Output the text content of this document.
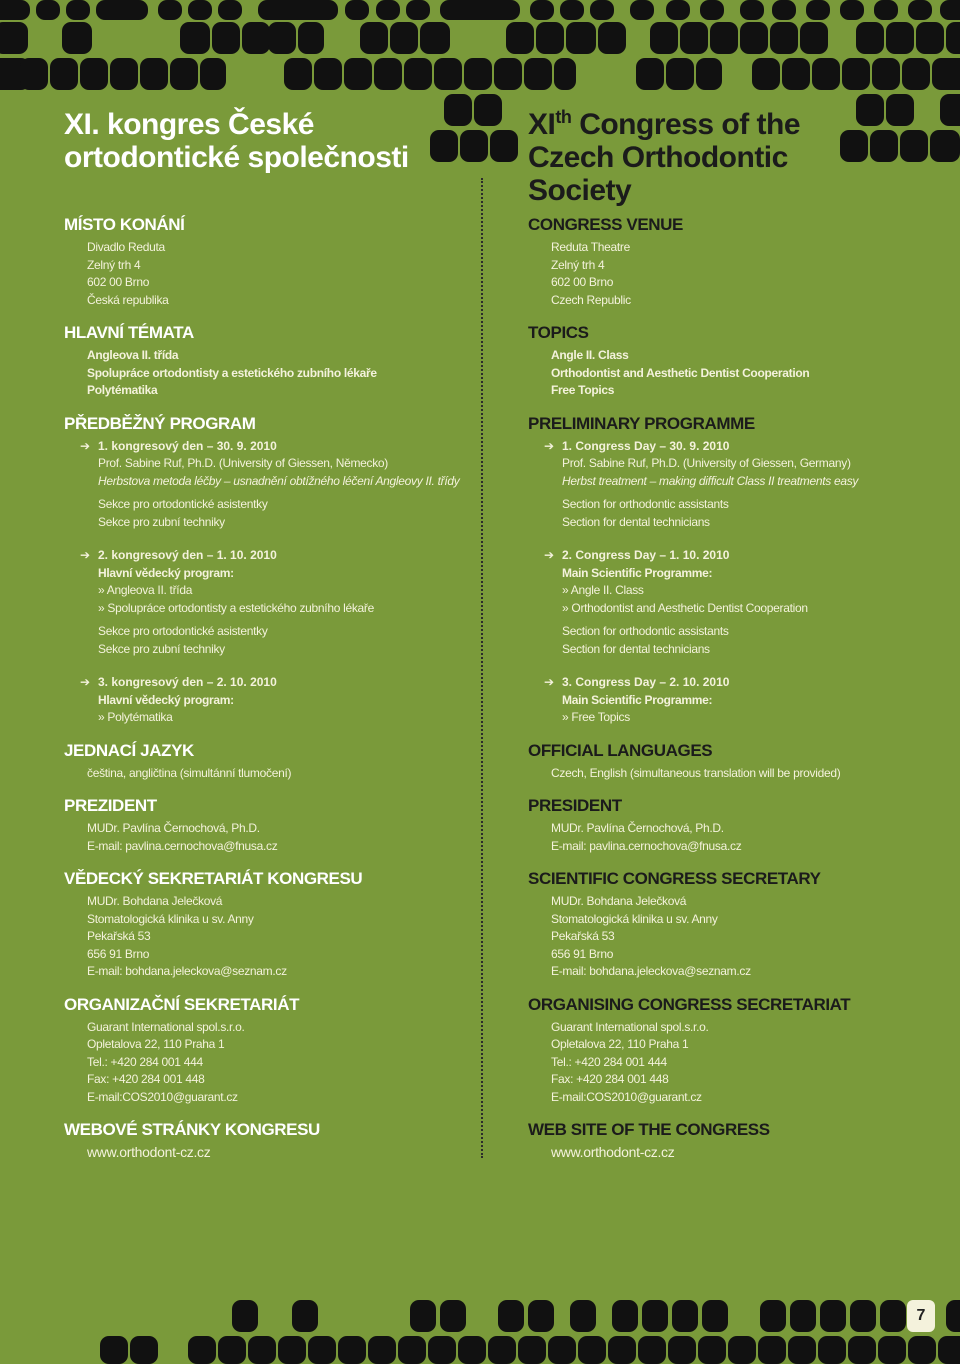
XI. kongres České ortodontické společnosti
XIth Congress of the Czech Orthodontic Society
MÍSTO KONÁNÍ
Divadlo Reduta
Zelný trh 4
602 00 Brno
Česká republika
HLAVNÍ TÉMATA
Angleova II. třída
Spolupráce ortodontisty a estetického zubního lékaře
Polytématika
PŘEDBĚŽNÝ PROGRAM
➔ 1. kongresový den – 30. 9. 2010
Prof. Sabine Ruf, Ph.D. (University of Giessen, Německo)
Herbstova metoda léčby – usnadnění obtížného léčení Angleovy II. třídy
Sekce pro ortodontické asistentky
Sekce pro zubní techniky
➔ 2. kongresový den – 1. 10. 2010
Hlavní vědecký program:
» Angleova II. třída
» Spolupráce ortodontisty a estetického zubního lékaře
Sekce pro ortodontické asistentky
Sekce pro zubní techniky
➔ 3. kongresový den – 2. 10. 2010
Hlavní vědecký program:
» Polytématika
JEDNACÍ JAZYK
čeština, angličtina (simultánní tlumočení)
PREZIDENT
MUDr. Pavlína Černochová, Ph.D.
E-mail: pavlina.cernochova@fnusa.cz
VĚDECKÝ SEKRETARIÁT KONGRESU
MUDr. Bohdana Jelečková
Stomatologická klinika u sv. Anny
Pekařská 53
656 91 Brno
E-mail: bohdana.jeleckova@seznam.cz
ORGANIZAČNÍ SEKRETARIÁT
Guarant International spol.s.r.o.
Opletalova 22, 110 Praha 1
Tel.: +420 284 001 444
Fax: +420 284 001 448
E-mail:COS2010@guarant.cz
WEBOVÉ STRÁNKY KONGRESU
www.orthodont-cz.cz
CONGRESS VENUE
Reduta Theatre
Zelný trh 4
602 00 Brno
Czech Republic
TOPICS
Angle II. Class
Orthodontist and Aesthetic Dentist Cooperation
Free Topics
PRELIMINARY PROGRAMME
➔ 1. Congress Day – 30. 9. 2010
Prof. Sabine Ruf, Ph.D. (University of Giessen, Germany)
Herbst treatment – making difficult Class II treatments easy
Section for orthodontic assistants
Section for dental technicians
➔ 2. Congress Day – 1. 10. 2010
Main Scientific Programme:
» Angle II. Class
» Orthodontist and Aesthetic Dentist Cooperation
Section for orthodontic assistants
Section for dental technicians
➔ 3. Congress Day – 2. 10. 2010
Main Scientific Programme:
» Free Topics
OFFICIAL LANGUAGES
Czech, English (simultaneous translation will be provided)
PRESIDENT
MUDr. Pavlína Černochová, Ph.D.
E-mail: pavlina.cernochova@fnusa.cz
SCIENTIFIC CONGRESS SECRETARY
MUDr. Bohdana Jelečková
Stomatologická klinika u sv. Anny
Pekařská 53
656 91 Brno
E-mail: bohdana.jeleckova@seznam.cz
ORGANISING CONGRESS SECRETARIAT
Guarant International spol.s.r.o.
Opletalova 22, 110 Praha 1
Tel.: +420 284 001 444
Fax: +420 284 001 448
E-mail:COS2010@guarant.cz
WEB SITE OF THE CONGRESS
www.orthodont-cz.cz
7
